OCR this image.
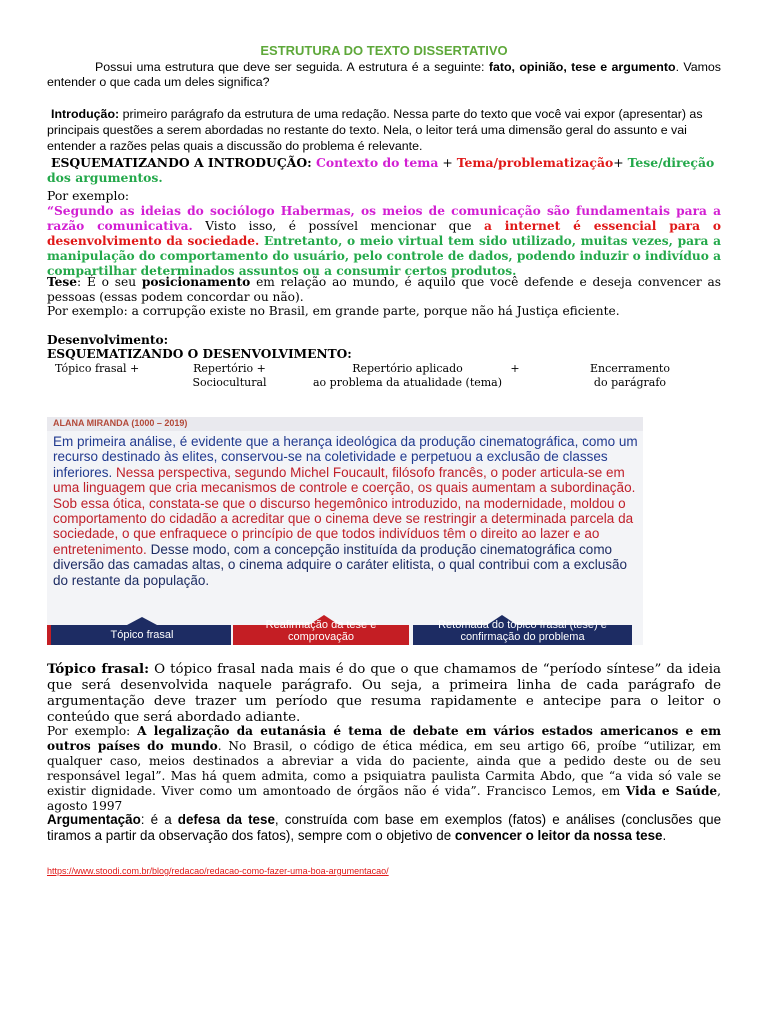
ESTRUTURA DO TEXTO DISSERTATIVO

Possui uma estrutura que deve ser seguida. A estrutura é a seguinte: fato, opinião, tese e argumento. Vamos entender o que cada um deles significa?

Introdução: primeiro parágrafo da estrutura de uma redação. Nessa parte do texto que você vai expor (apresentar) as principais questões a serem abordadas no restante do texto. Nela, o leitor terá uma dimensão geral do assunto e vai entender a razões pelas quais a discussão do problema é relevante.

ESQUEMATIZANDO A INTRODUÇÃO: Contexto do tema + Tema/problematização+ Tese/direção dos argumentos.

Por exemplo:

“Segundo as ideias do sociólogo Habermas, os meios de comunicação são fundamentais para a razão comunicativa. Visto isso, é possível mencionar que a internet é essencial para o desenvolvimento da sociedade. Entretanto, o meio virtual tem sido utilizado, muitas vezes, para a manipulação do comportamento do usuário, pelo controle de dados, podendo induzir o indivíduo a compartilhar determinados assuntos ou a consumir certos produtos.

Tese: É o seu posicionamento em relação ao mundo, é aquilo que você defende e deseja convencer as pessoas (essas podem concordar ou não).

Por exemplo: a corrupção existe no Brasil, em grande parte, porque não há Justiça eficiente.

Desenvolvimento:

ESQUEMATIZANDO O DESENVOLVIMENTO:

Tópico frasal +	Repertório +
Sociocultural
Repertório aplicado
ao problema da atualidade (tema)
+	Encerramento
do parágrafo
ALANA MIRANDA (1000 – 2019)
Em primeira análise, é evidente que a herança ideológica da produção cinematográfica, como um recurso destinado às elites, conservou-se na coletividade e perpetuou a exclusão de classes inferiores. Nessa perspectiva, segundo Michel Foucault, filósofo francês, o poder articula-se em uma linguagem que cria mecanismos de controle e coerção, os quais aumentam a subordinação. Sob essa ótica, constata-se que o discurso hegemônico introduzido, na modernidade, moldou o comportamento do cidadão a acreditar que o cinema deve se restringir a determinada parcela da sociedade, o que enfraquece o princípio de que todos indivíduos têm o direito ao lazer e ao entretenimento. Desse modo, com a concepção instituída da produção cinematográfica como diversão das camadas altas, o cinema adquire o caráter elitista, o qual contribui com a exclusão do restante da população.
Tópico frasal
Reafirmação da tese e comprovação
Retomada do tópico frasal (tese) e confirmação do problema

Tópico frasal: O tópico frasal nada mais é do que o que chamamos de “período síntese” da ideia que será desenvolvida naquele parágrafo. Ou seja, a primeira linha de cada parágrafo de argumentação deve trazer um período que resuma rapidamente e antecipe para o leitor o conteúdo que será abordado adiante.

Por exemplo: A legalização da eutanásia é tema de debate em vários estados americanos e em outros países do mundo. No Brasil, o código de ética médica, em seu artigo 66, proíbe “utilizar, em qualquer caso, meios destinados a abreviar a vida do paciente, ainda que a pedido deste ou de seu responsável legal”. Mas há quem admita, como a psiquiatra paulista Carmita Abdo, que “a vida só vale se existir dignidade. Viver como um amontoado de órgãos não é vida”. Francisco Lemos, em Vida e Saúde, agosto 1997

Argumentação: é a defesa da tese, construída com base em exemplos (fatos) e análises (conclusões que tiramos a partir da observação dos fatos), sempre com o objetivo de convencer o leitor da nossa tese.

https://www.stoodi.com.br/blog/redacao/redacao-como-fazer-uma-boa-argumentacao/
